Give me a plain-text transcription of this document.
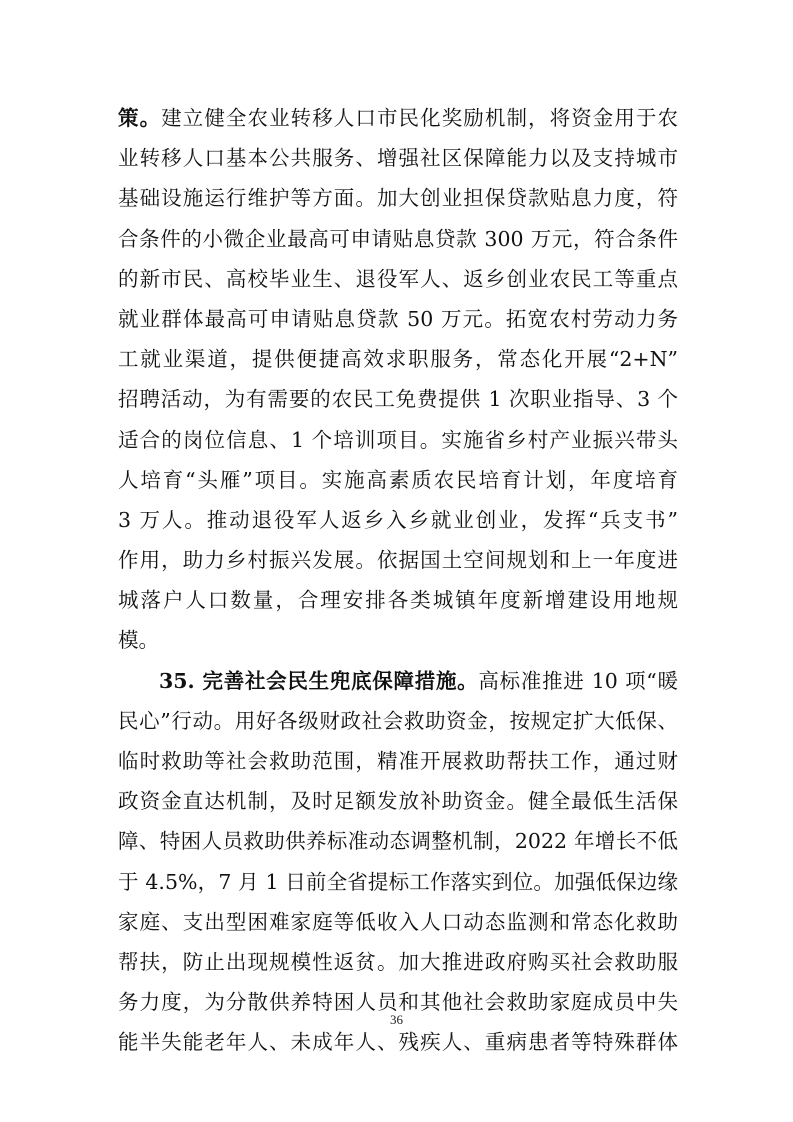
策。建立健全农业转移人口市民化奖励机制，将资金用于农
业转移人口基本公共服务、增强社区保障能力以及支持城市
基础设施运行维护等方面。加大创业担保贷款贴息力度，符
合条件的小微企业最高可申请贴息贷款 300 万元，符合条件
的新市民、高校毕业生、退役军人、返乡创业农民工等重点
就业群体最高可申请贴息贷款 50 万元。拓宽农村劳动力务
工就业渠道，提供便捷高效求职服务，常态化开展“2+N”
招聘活动，为有需要的农民工免费提供 1 次职业指导、3 个
适合的岗位信息、1 个培训项目。实施省乡村产业振兴带头
人培育“头雁”项目。实施高素质农民培育计划，年度培育
3 万人。推动退役军人返乡入乡就业创业，发挥“兵支书”
作用，助力乡村振兴发展。依据国土空间规划和上一年度进
城落户人口数量，合理安排各类城镇年度新增建设用地规
模。
35. 完善社会民生兜底保障措施。高标准推进 10 项“暖
民心”行动。用好各级财政社会救助资金，按规定扩大低保、
临时救助等社会救助范围，精准开展救助帮扶工作，通过财
政资金直达机制，及时足额发放补助资金。健全最低生活保
障、特困人员救助供养标准动态调整机制，2022 年增长不低
于 4.5%，7 月 1 日前全省提标工作落实到位。加强低保边缘
家庭、支出型困难家庭等低收入人口动态监测和常态化救助
帮扶，防止出现规模性返贫。加大推进政府购买社会救助服
务力度，为分散供养特困人员和其他社会救助家庭成员中失
能半失能老年人、未成年人、残疾人、重病患者等特殊群体
36
